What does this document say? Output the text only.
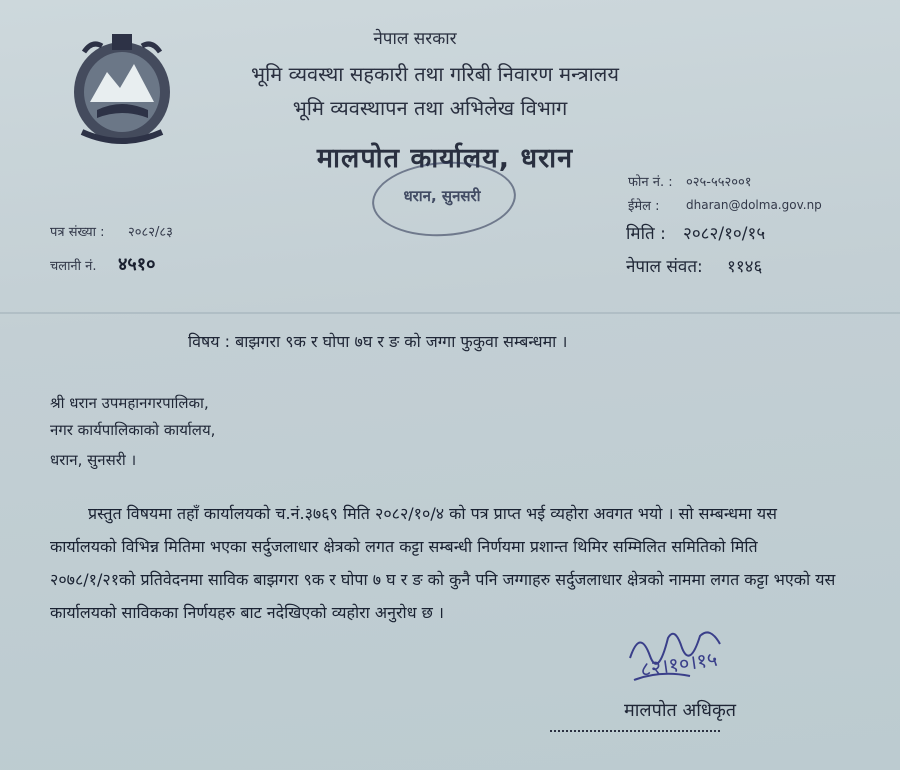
नेपाल सरकार
भूमि व्यवस्था सहकारी तथा गरिबी निवारण मन्त्रालय
भूमि व्यवस्थापन तथा अभिलेख विभाग
मालपोत कार्यालय, धरान
धरान, सुनसरी
फोन नं. : ०२५-५५२००१
ईमेल : dharan@dolma.gov.np
मिति : २०८२/१०/१५
नेपाल संवत: ११४६
पत्र संख्या : २०८२/८३
चलानी नं. ४५१०
विषय : बाझगरा ९क र घोपा ७घ र ङ को जग्गा फुकुवा सम्बन्धमा ।
श्री धरान उपमहानगरपालिका,
नगर कार्यपालिकाको कार्यालय,
धरान, सुनसरी ।
प्रस्तुत विषयमा तहाँ कार्यालयको च.नं.३७६९ मिति २०८२/१०/४ को पत्र प्राप्त भई व्यहोरा अवगत भयो । सो सम्बन्धमा यस कार्यालयको विभिन्न मितिमा भएका सर्दुजलाधार क्षेत्रको लगत कट्टा सम्बन्धी निर्णयमा प्रशान्त थिमिर सम्मिलित समितिको मिति २०७८/१/२१को प्रतिवेदनमा साविक बाझगरा ९क र घोपा ७ घ र ङ को कुनै पनि जग्गाहरु सर्दुजलाधार क्षेत्रको नाममा लगत कट्टा भएको यस कार्यालयको साविकका निर्णयहरु बाट नदेखिएको व्यहोरा अनुरोध छ ।
८२।१०।१५
मालपोत अधिकृत
